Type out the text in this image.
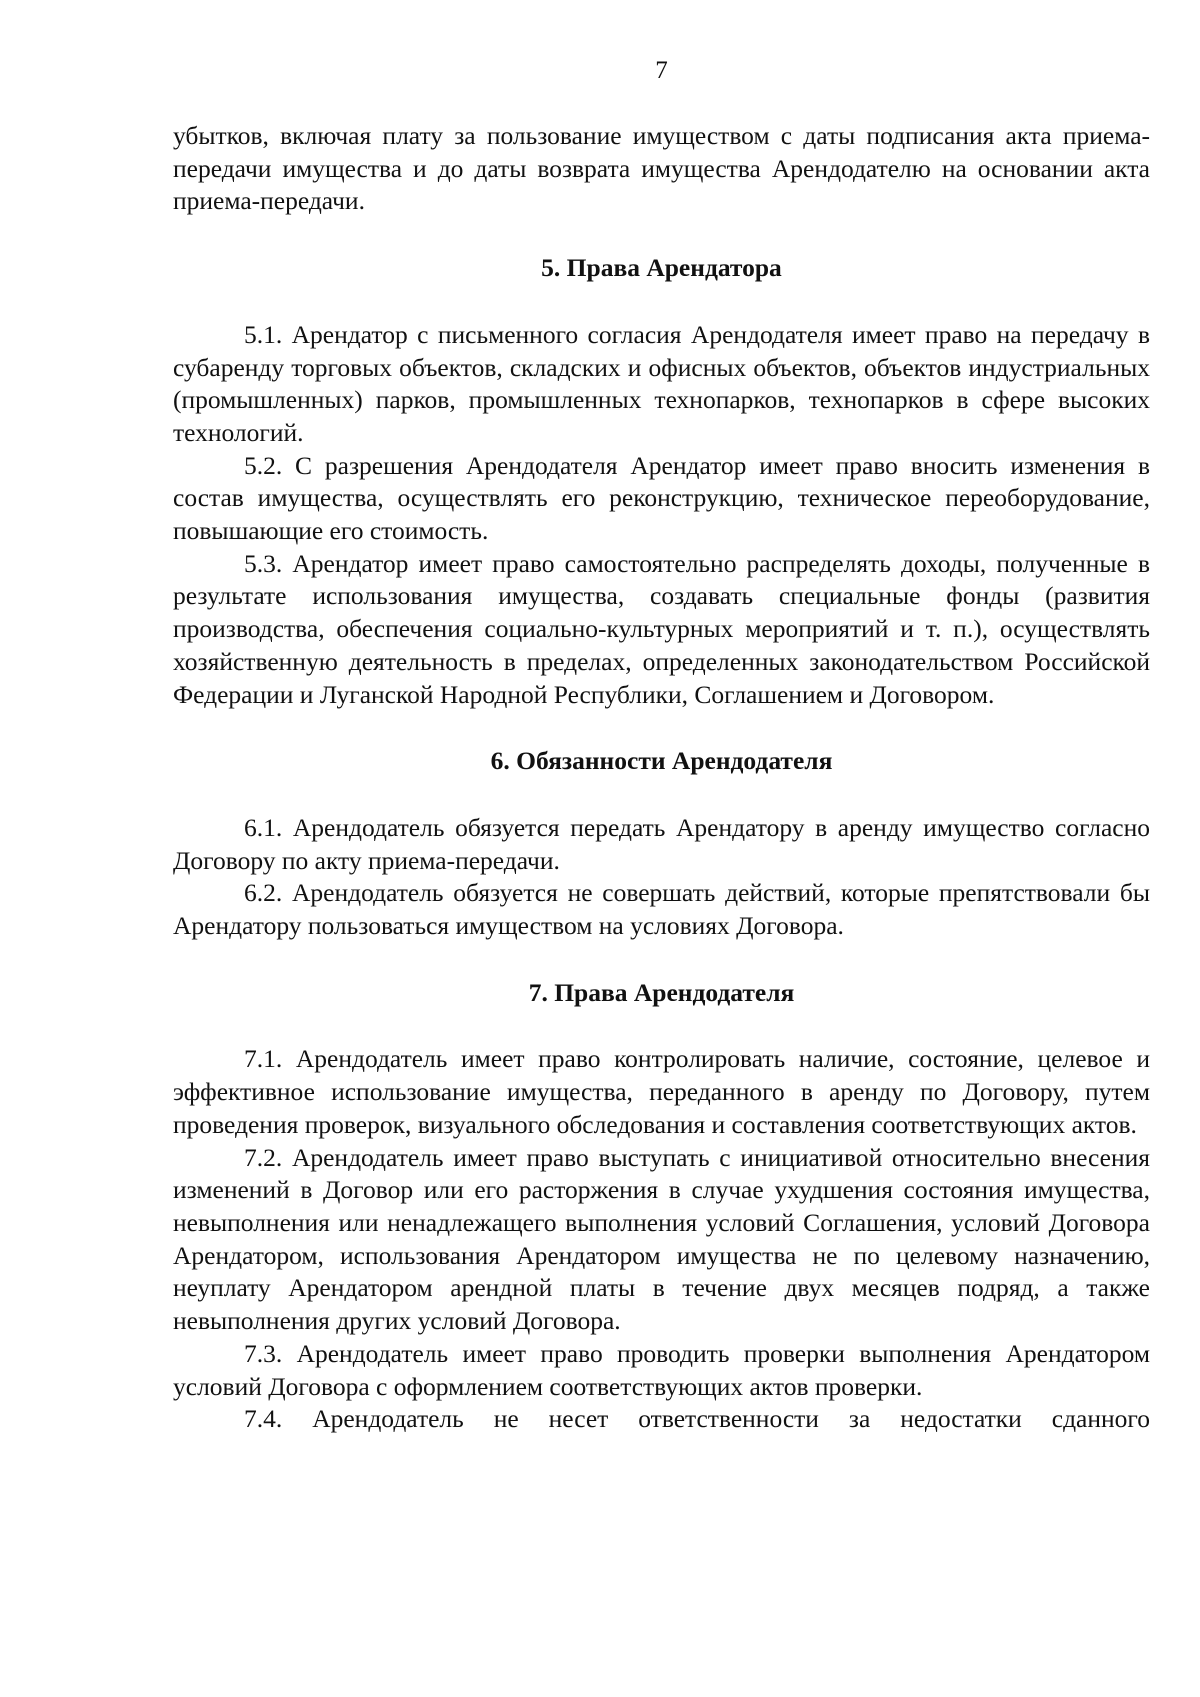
7

убытков, включая плату за пользование имуществом с даты подписания акта приема-передачи имущества и до даты возврата имущества Арендодателю на основании акта приема-передачи.

5. Права Арендатора

5.1. Арендатор с письменного согласия Арендодателя имеет право на передачу в субаренду торговых объектов, складских и офисных объектов, объектов индустриальных (промышленных) парков, промышленных технопарков, технопарков в сфере высоких технологий.

5.2. С разрешения Арендодателя Арендатор имеет право вносить изменения в состав имущества, осуществлять его реконструкцию, техническое переоборудование, повышающие его стоимость.

5.3. Арендатор имеет право самостоятельно распределять доходы, полученные в результате использования имущества, создавать специальные фонды (развития производства, обеспечения социально-культурных мероприятий и т. п.), осуществлять хозяйственную деятельность в пределах, определенных законодательством Российской Федерации и Луганской Народной Республики, Соглашением и Договором.

6. Обязанности Арендодателя

6.1. Арендодатель обязуется передать Арендатору в аренду имущество согласно Договору по акту приема-передачи.

6.2. Арендодатель обязуется не совершать действий, которые препятствовали бы Арендатору пользоваться имуществом на условиях Договора.

7. Права Арендодателя

7.1. Арендодатель имеет право контролировать наличие, состояние, целевое и эффективное использование имущества, переданного в аренду по Договору, путем проведения проверок, визуального обследования и составления соответствующих актов.

7.2. Арендодатель имеет право выступать с инициативой относительно внесения изменений в Договор или его расторжения в случае ухудшения состояния имущества, невыполнения или ненадлежащего выполнения условий Соглашения, условий Договора Арендатором, использования Арендатором имущества не по целевому назначению, неуплату Арендатором арендной платы в течение двух месяцев подряд, а также невыполнения других условий Договора.

7.3. Арендодатель имеет право проводить проверки выполнения Арендатором условий Договора с оформлением соответствующих актов проверки.

7.4. Арендодатель не несет ответственности за недостатки сданного
